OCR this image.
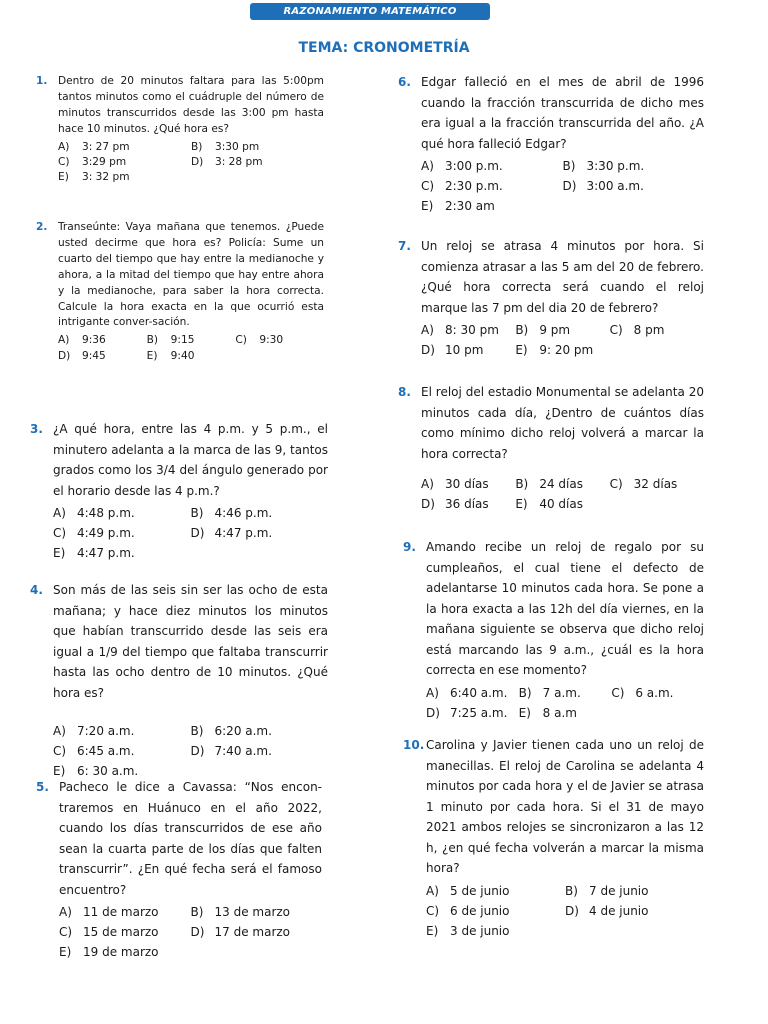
RAZONAMIENTO MATEMÁTICO
TEMA: CRONOMETRÍA
1. Dentro de 20 minutos faltara para las 5:00pm tantos minutos como el cuádruple del número de minutos transcurridos desde las 3:00 pm hasta hace 10 minutos. ¿Qué hora es?

A) 3: 27 pm	B) 3:30 pm
C) 3:29 pm	D) 3: 28 pm
E) 3: 32 pm
2. Transeúnte: Vaya mañana que tenemos. ¿Puede usted decirme que hora es? Policía: Sume un cuarto del tiempo que hay entre la medianoche y ahora, a la mitad del tiempo que hay entre ahora y la medianoche, para saber la hora correcta. Calcule la hora exacta en la que ocurrió esta intrigante conver-sación.

A) 9:36	B) 9:15	C) 9:30
D) 9:45	E) 9:40
3. ¿A qué hora, entre las 4 p.m. y 5 p.m., el minutero adelanta a la marca de las 9, tantos grados como los 3/4 del ángulo generado por el horario desde las 4 p.m.?

A) 4:48 p.m.	B) 4:46 p.m.
C) 4:49 p.m.	D) 4:47 p.m.
E) 4:47 p.m.
4. Son más de las seis sin ser las ocho de esta mañana; y hace diez minutos los minutos que habían transcurrido desde las seis era igual a 1/9 del tiempo que faltaba transcurrir hasta las ocho dentro de 10 minutos. ¿Qué hora es?

A) 7:20 a.m.	B) 6:20 a.m.
C) 6:45 a.m.	D) 7:40 a.m.
E) 6: 30 a.m.
5. Pacheco le dice a Cavassa: “Nos encon-traremos en Huánuco en el año 2022, cuando los días transcurridos de ese año sean la cuarta parte de los días que falten transcurrir”. ¿En qué fecha será el famoso encuentro?

A) 11 de marzo	B) 13 de marzo
C) 15 de marzo	D) 17 de marzo
E) 19 de marzo
6. Edgar falleció en el mes de abril de 1996 cuando la fracción transcurrida de dicho mes era igual a la fracción transcurrida del año. ¿A qué hora falleció Edgar?

A) 3:00 p.m.	B) 3:30 p.m.
C) 2:30 p.m.	D) 3:00 a.m.
E) 2:30 am
7. Un reloj se atrasa 4 minutos por hora. Si comienza atrasar a las 5 am del 20 de febrero. ¿Qué hora correcta será cuando el reloj marque las 7 pm del dia 20 de febrero?

A) 8: 30 pm	B) 9 pm	C) 8 pm
D) 10 pm	E) 9: 20 pm
8. El reloj del estadio Monumental se adelanta 20 minutos cada día, ¿Dentro de cuántos días como mínimo dicho reloj volverá a marcar la hora correcta?

A) 30 días	B) 24 días	C) 32 días
D) 36 días	E) 40 días
9. Amando recibe un reloj de regalo por su cumpleaños, el cual tiene el defecto de adelantarse 10 minutos cada hora. Se pone a la hora exacta a las 12h del día viernes, en la mañana siguiente se observa que dicho reloj está marcando las 9 a.m., ¿cuál es la hora correcta en ese momento?

A) 6:40 a.m. B) 7 a.m.	C) 6 a.m.
D) 7:25 a.m. E) 8 a.m
10. Carolina y Javier tienen cada uno un reloj de manecillas. El reloj de Carolina se adelanta 4 minutos por cada hora y el de Javier se atrasa 1 minuto por cada hora. Si el 31 de mayo 2021 ambos relojes se sincronizaron a las 12 h, ¿en qué fecha volverán a marcar la misma hora?

A) 5 de junio	B) 7 de junio
C) 6 de junio	D) 4 de junio
E) 3 de junio
